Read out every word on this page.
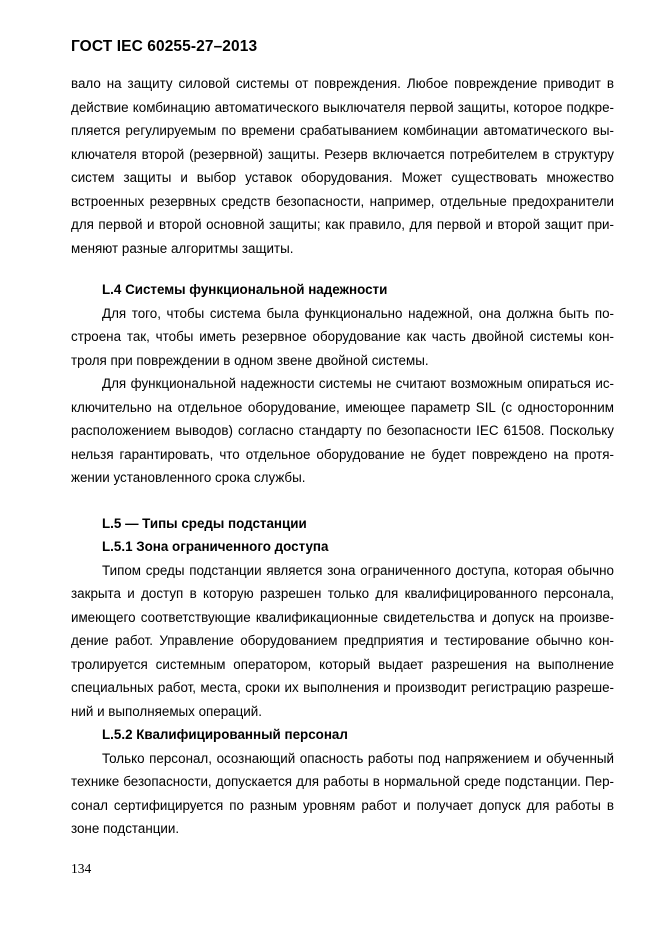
ГОСТ IEC 60255-27–2013

вало на защиту силовой системы от повреждения. Любое повреждение приводит в действие комбинацию автоматического выключателя первой защиты, которое подкрепляется регулируемым по времени срабатыванием комбинации автоматического выключателя второй (резервной) защиты. Резерв включается потребителем в структуру систем защиты и выбор уставок оборудования. Может существовать множество встроенных резервных средств безопасности, например, отдельные предохранители для первой и второй основной защиты; как правило, для первой и второй защит применяют разные алгоритмы защиты.

L.4 Системы функциональной надежности

Для того, чтобы система была функционально надежной, она должна быть построена так, чтобы иметь резервное оборудование как часть двойной системы контроля при повреждении в одном звене двойной системы.

Для функциональной надежности системы не считают возможным опираться исключительно на отдельное оборудование, имеющее параметр SIL (с односторонним расположением выводов) согласно стандарту по безопасности IEC 61508. Поскольку нельзя гарантировать, что отдельное оборудование не будет повреждено на протяжении установленного срока службы.

L.5 — Типы среды подстанции
L.5.1 Зона ограниченного доступа

Типом среды подстанции является зона ограниченного доступа, которая обычно закрыта и доступ в которую разрешен только для квалифицированного персонала, имеющего соответствующие квалификационные свидетельства и допуск на произведение работ. Управление оборудованием предприятия и тестирование обычно контролируется системным оператором, который выдает разрешения на выполнение специальных работ, места, сроки их выполнения и производит регистрацию разрешений и выполняемых операций.

L.5.2 Квалифицированный персонал

Только персонал, осознающий опасность работы под напряжением и обученный технике безопасности, допускается для работы в нормальной среде подстанции. Персонал сертифицируется по разным уровням работ и получает допуск для работы в зоне подстанции.

134
